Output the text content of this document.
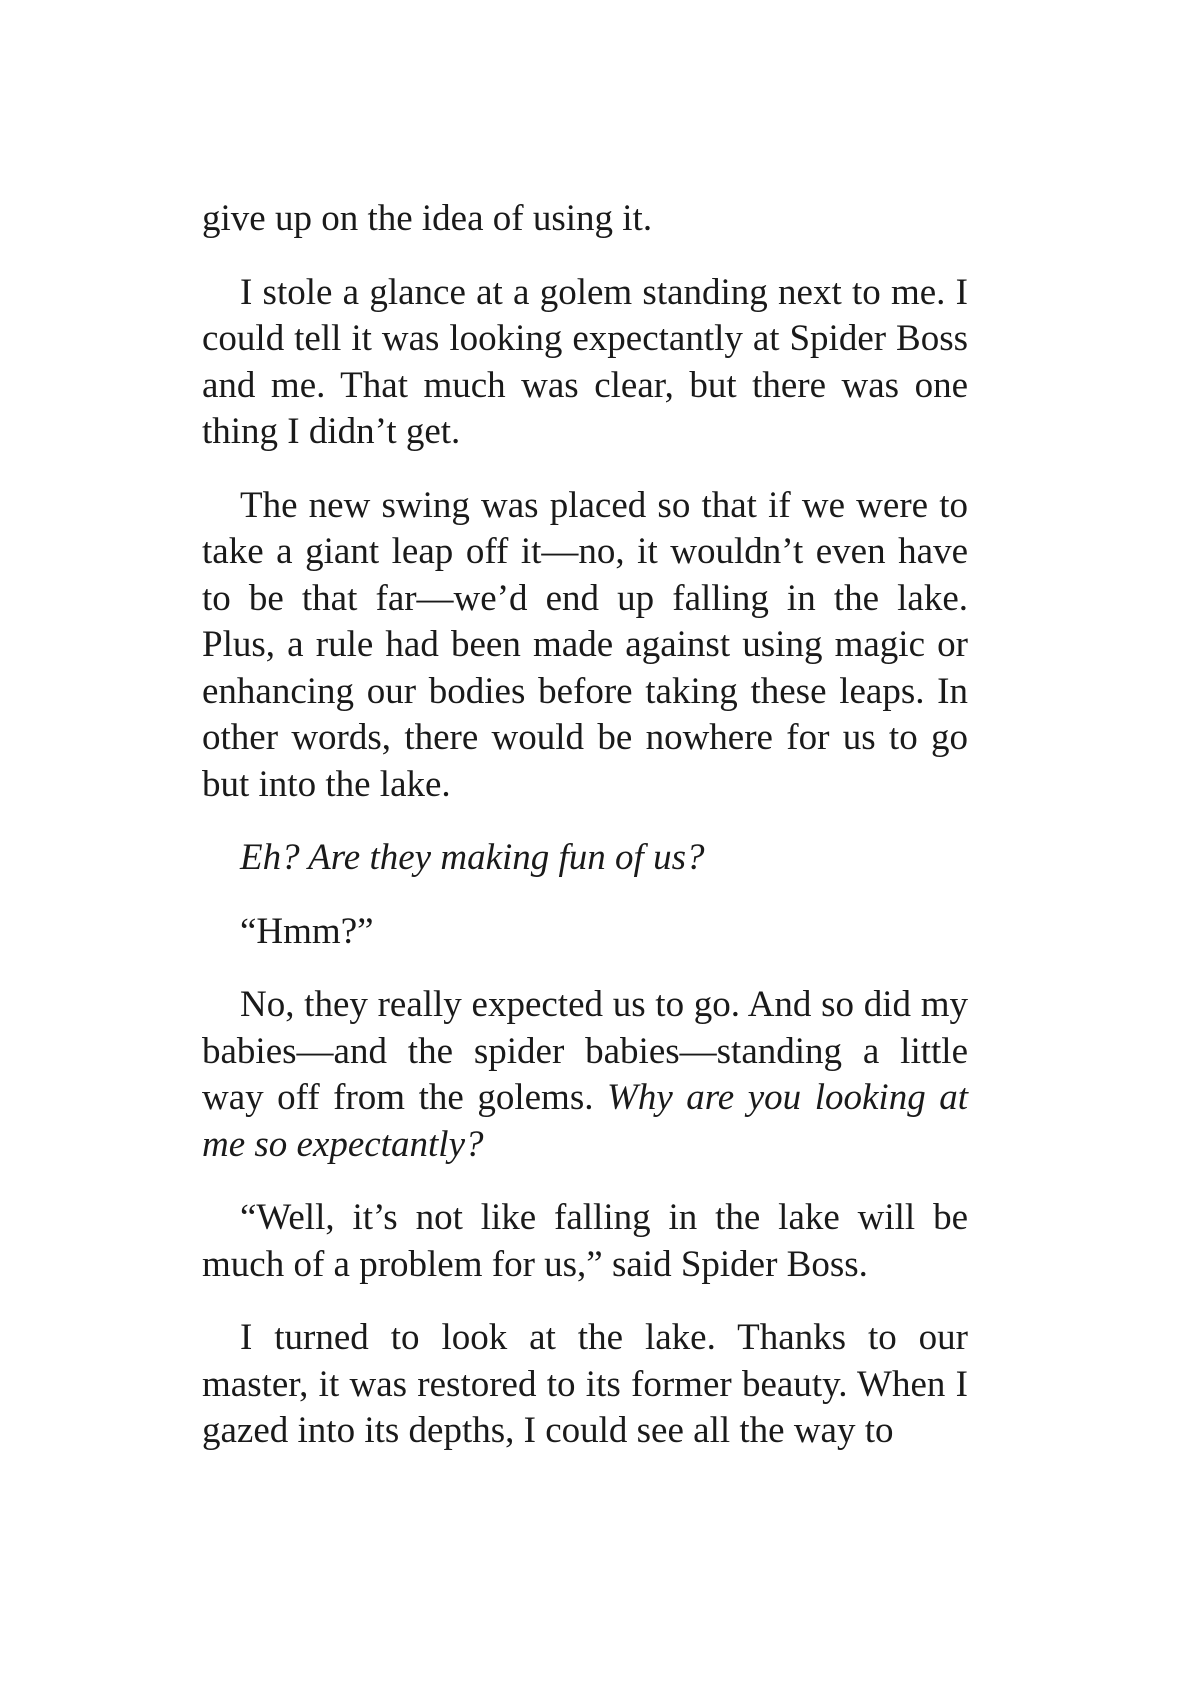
give up on the idea of using it.

I stole a glance at a golem standing next to me. I could tell it was looking expectantly at Spider Boss and me. That much was clear, but there was one thing I didn’t get.

The new swing was placed so that if we were to take a giant leap off it—no, it wouldn’t even have to be that far—we’d end up falling in the lake. Plus, a rule had been made against using magic or enhancing our bodies before taking these leaps. In other words, there would be nowhere for us to go but into the lake.

Eh? Are they making fun of us?

“Hmm?”

No, they really expected us to go. And so did my babies—and the spider babies—standing a little way off from the golems. Why are you looking at me so expectantly?

“Well, it’s not like falling in the lake will be much of a problem for us,” said Spider Boss.

I turned to look at the lake. Thanks to our master, it was restored to its former beauty. When I gazed into its depths, I could see all the way to
